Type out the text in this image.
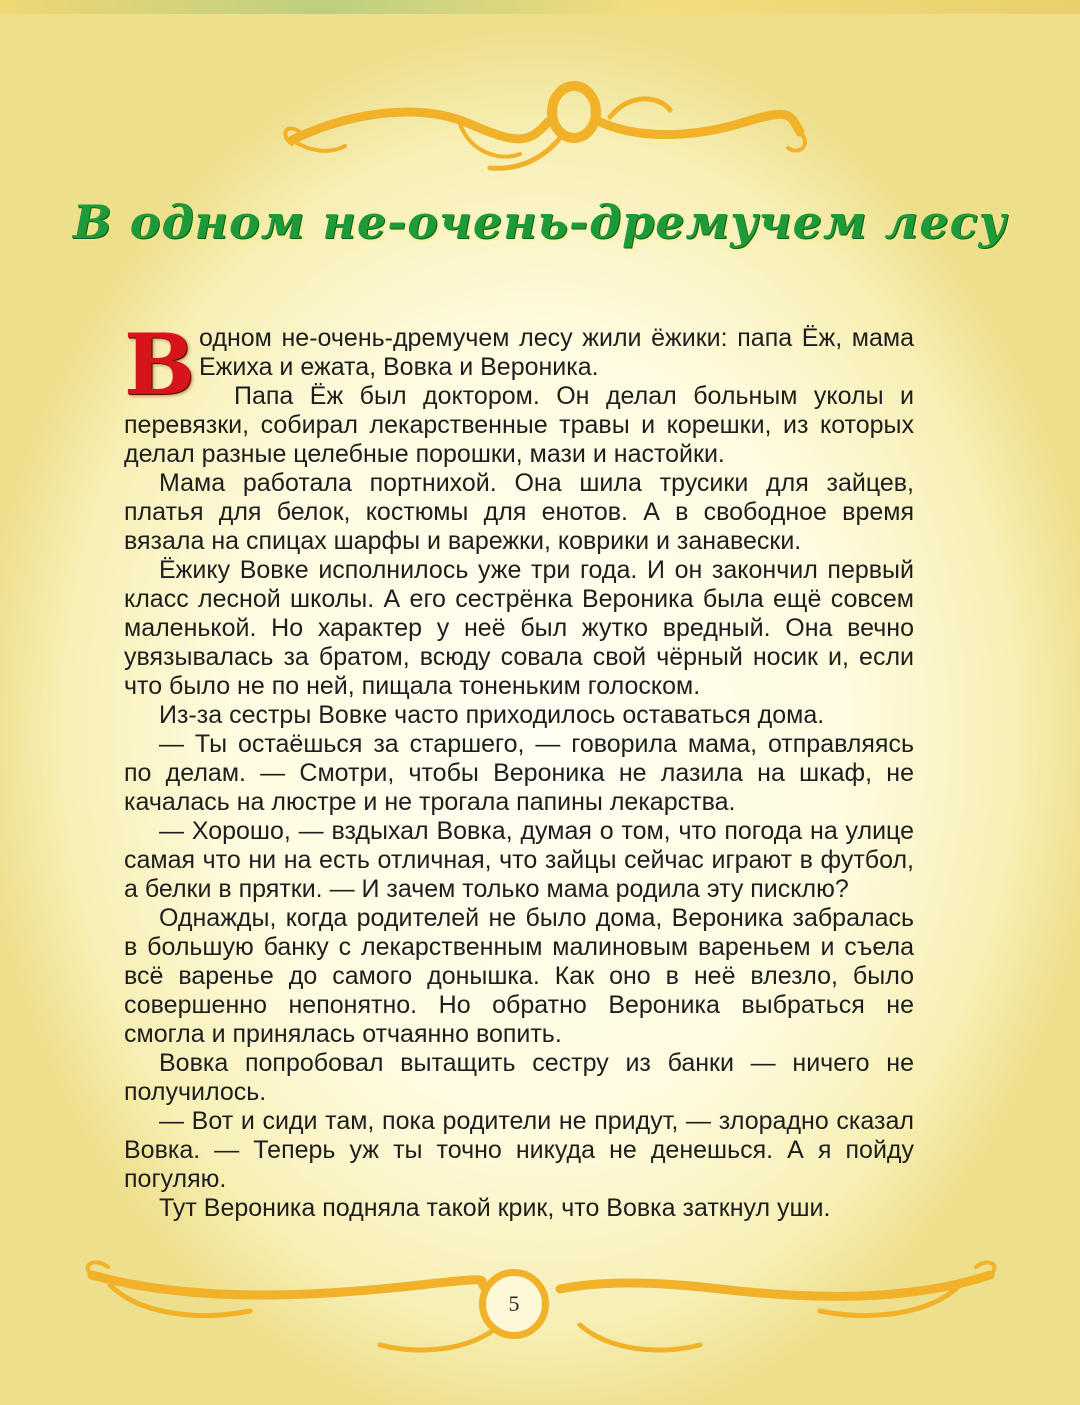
В одном не-очень-дремучем лесу

Водном не-очень-дремучем лесу жили ёжики: папа Ёж, мама Ежиха и ежата, Вовка и Вероника.

Папа Ёж был доктором. Он делал больным уколы и перевязки, собирал лекарственные травы и корешки, из которых делал разные целебные порошки, мази и настойки.

Мама работала портнихой. Она шила трусики для зайцев, платья для белок, костюмы для енотов. А в свободное время вязала на спицах шарфы и варежки, коврики и занавески.

Ёжику Вовке исполнилось уже три года. И он закончил первый класс лесной школы. А его сестрёнка Вероника была ещё совсем маленькой. Но характер у неё был жутко вредный. Она вечно увязывалась за братом, всюду совала свой чёрный носик и, если что было не по ней, пищала тоненьким голоском.

Из-за сестры Вовке часто приходилось оставаться дома.

— Ты остаёшься за старшего, — говорила мама, отправляясь по делам. — Смотри, чтобы Вероника не лазила на шкаф, не качалась на люстре и не трогала папины лекарства.

— Хорошо, — вздыхал Вовка, думая о том, что погода на улице самая что ни на есть отличная, что зайцы сейчас играют в футбол, а белки в прятки. — И зачем только мама родила эту писклю?

Однажды, когда родителей не было дома, Вероника забралась в большую банку с лекарственным малиновым вареньем и съела всё варенье до самого донышка. Как оно в неё влезло, было совершенно непонятно. Но обратно Вероника выбраться не смогла и принялась отчаянно вопить.

Вовка попробовал вытащить сестру из банки — ничего не получилось.

— Вот и сиди там, пока родители не придут, — злорадно сказал Вовка. — Теперь уж ты точно никуда не денешься. А я пойду погуляю.

Тут Вероника подняла такой крик, что Вовка заткнул уши.

5
